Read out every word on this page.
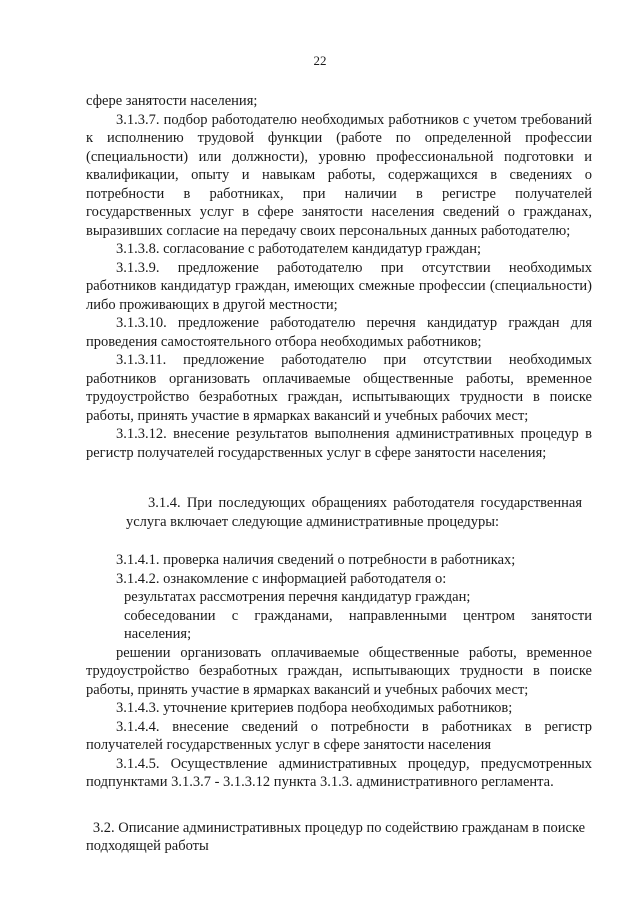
22

сфере занятости населения;

3.1.3.7. подбор работодателю необходимых работников с учетом требований к исполнению трудовой функции (работе по определенной профессии (специальности) или должности), уровню профессиональной подготовки и квалификации, опыту и навыкам работы, содержащихся в сведениях о потребности в работниках, при наличии в регистре получателей государственных услуг в сфере занятости населения сведений о гражданах, выразивших согласие на передачу своих персональных данных работодателю;

3.1.3.8. согласование с работодателем кандидатур граждан;

3.1.3.9. предложение работодателю при отсутствии необходимых работников кандидатур граждан, имеющих смежные профессии (специальности) либо проживающих в другой местности;

3.1.3.10. предложение работодателю перечня кандидатур граждан для проведения самостоятельного отбора необходимых работников;

3.1.3.11. предложение работодателю при отсутствии необходимых работников организовать оплачиваемые общественные работы, временное трудоустройство безработных граждан, испытывающих трудности в поиске работы, принять участие в ярмарках вакансий и учебных рабочих мест;

3.1.3.12. внесение результатов выполнения административных процедур в регистр получателей государственных услуг в сфере занятости населения;

3.1.4. При последующих обращениях работодателя государственная услуга включает следующие административные процедуры:

3.1.4.1. проверка наличия сведений о потребности в работниках;

3.1.4.2. ознакомление с информацией работодателя о:

результатах рассмотрения перечня кандидатур граждан;

собеседовании с гражданами, направленными центром занятости населения;

решении организовать оплачиваемые общественные работы, временное трудоустройство безработных граждан, испытывающих трудности в поиске работы, принять участие в ярмарках вакансий и учебных рабочих мест;

3.1.4.3. уточнение критериев подбора необходимых работников;

3.1.4.4. внесение сведений о потребности в работниках в регистр получателей государственных услуг в сфере занятости населения

3.1.4.5. Осуществление административных процедур, предусмотренных подпунктами 3.1.3.7 - 3.1.3.12 пункта 3.1.3. административного регламента.

3.2. Описание административных процедур по содействию гражданам в поиске подходящей работы
